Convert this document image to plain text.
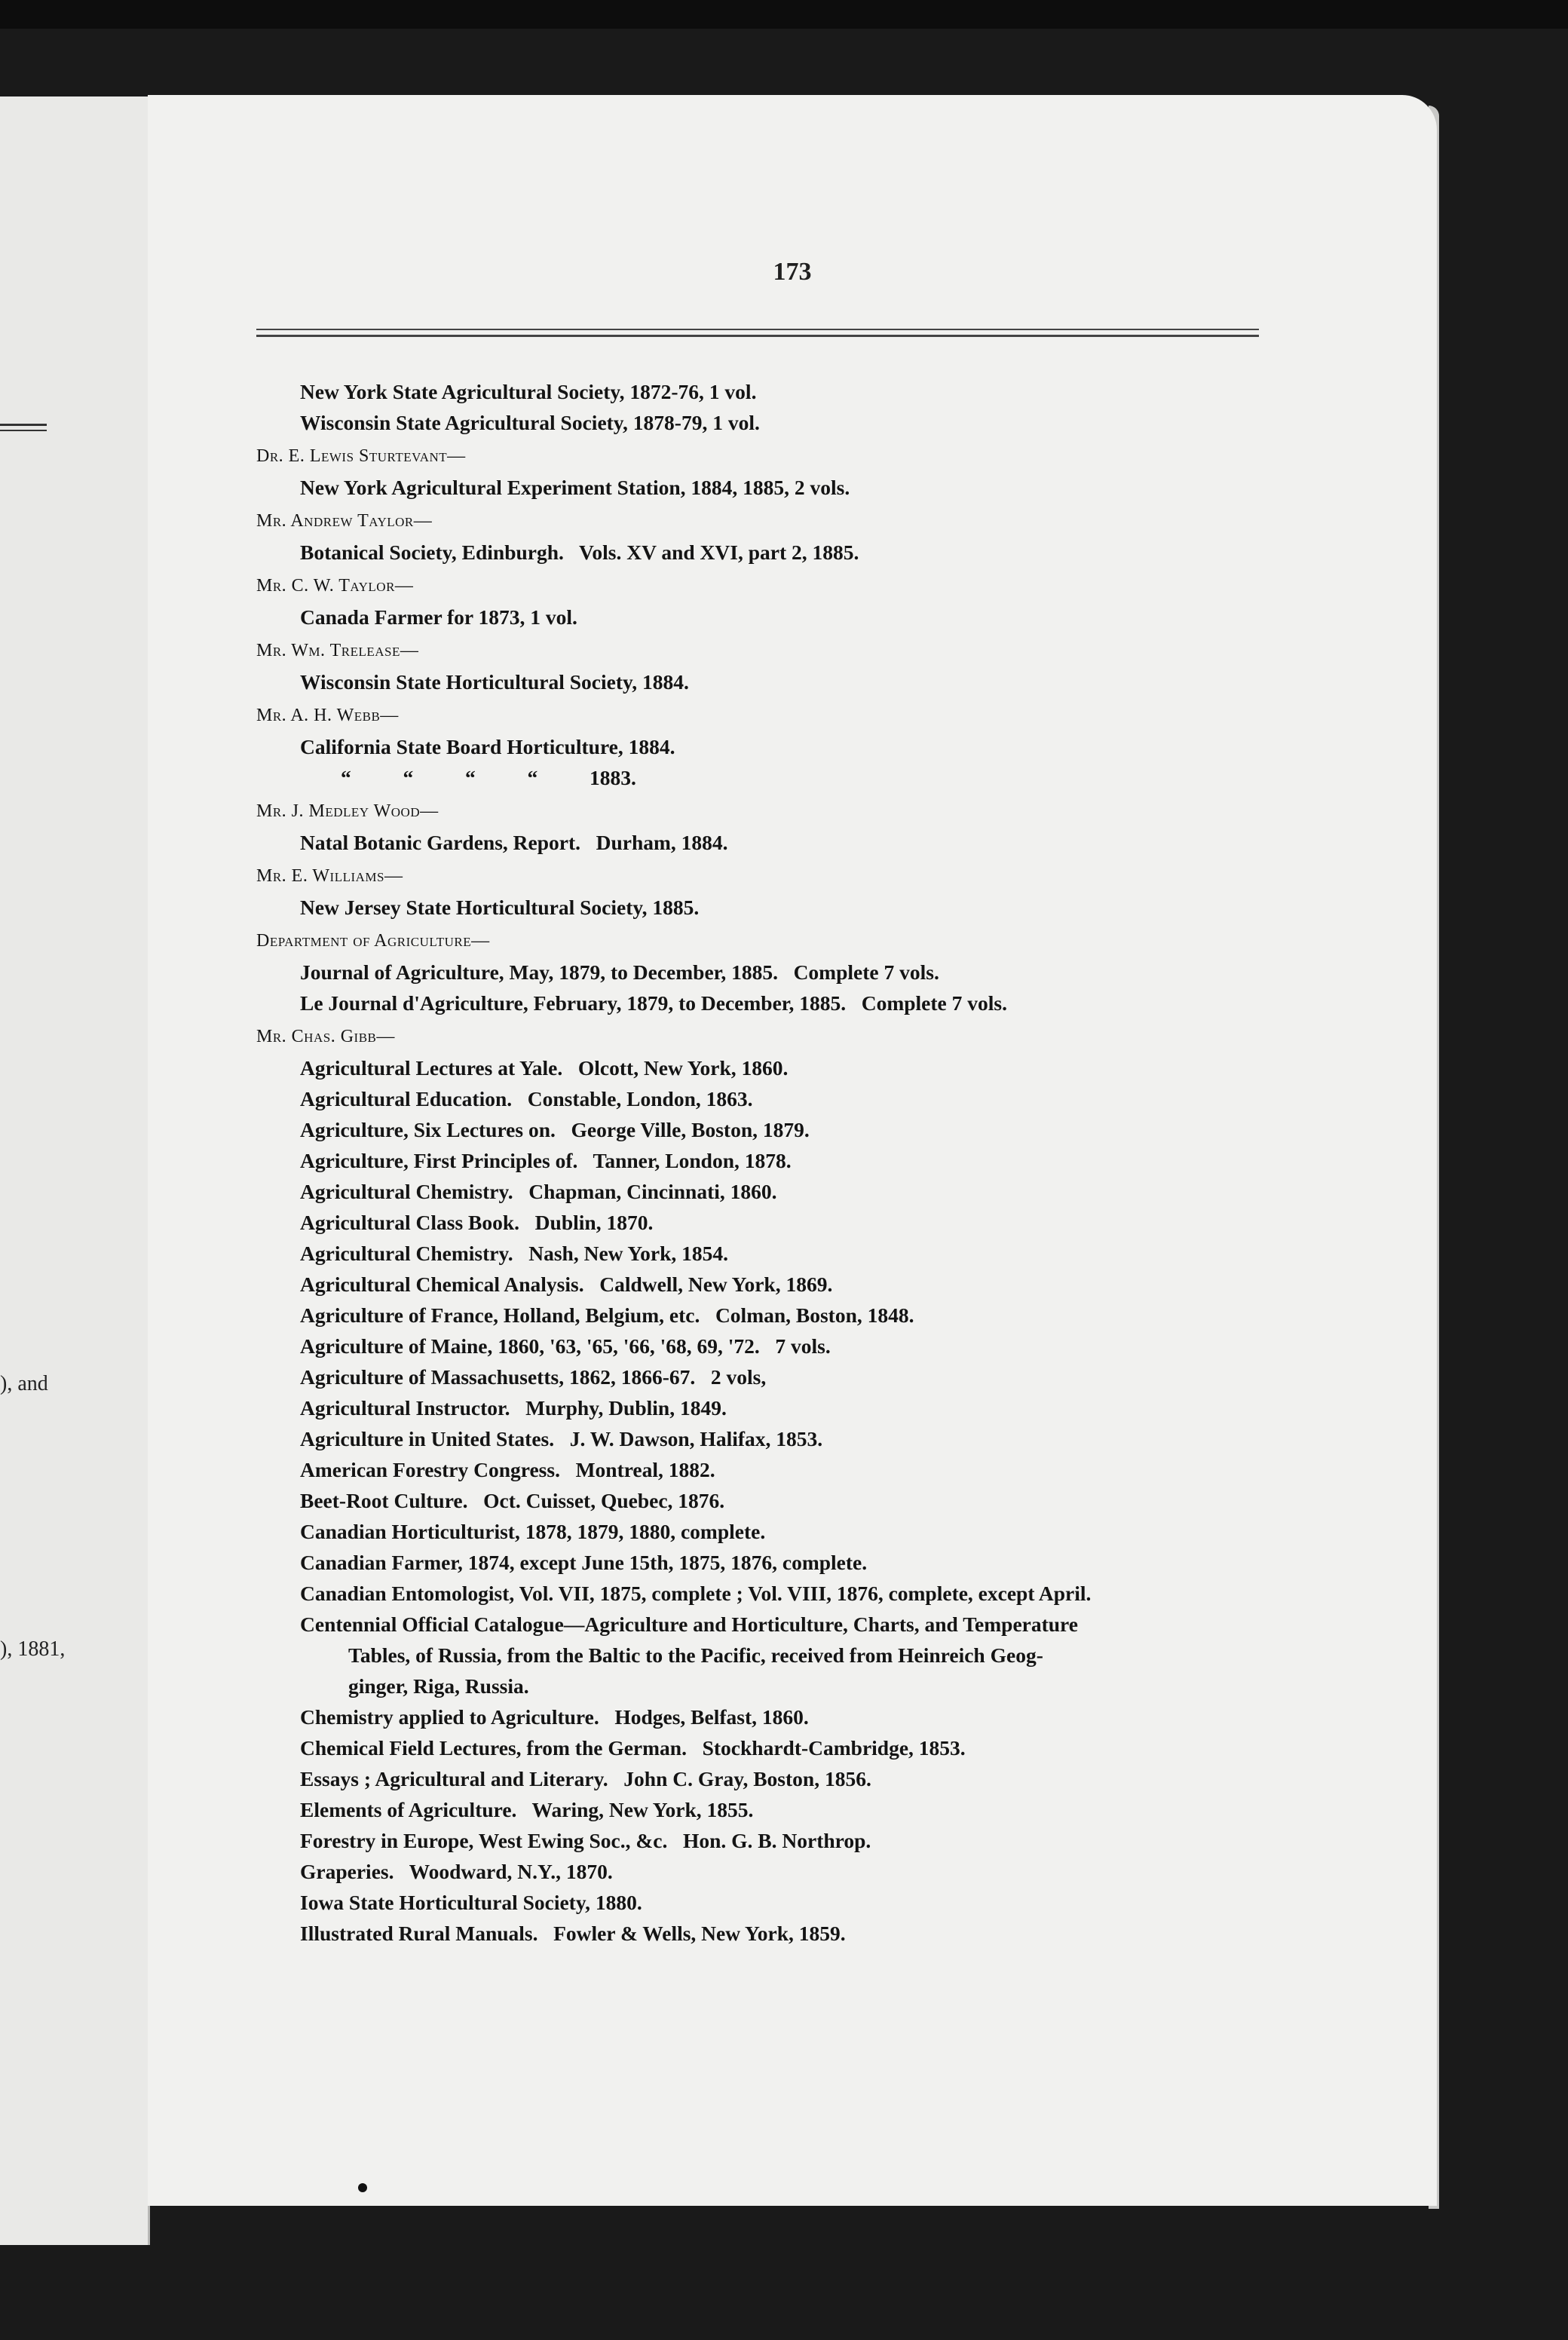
), and
), 1881,
173
New York State Agricultural Society, 1872-76, 1 vol.
Wisconsin State Agricultural Society, 1878-79, 1 vol.
Dr. E. Lewis Sturtevant—
New York Agricultural Experiment Station, 1884, 1885, 2 vols.
Mr. Andrew Taylor—
Botanical Society, Edinburgh.   Vols. XV and XVI, part 2, 1885.
Mr. C. W. Taylor—
Canada Farmer for 1873, 1 vol.
Mr. Wm. Trelease—
Wisconsin State Horticultural Society, 1884.
Mr. A. H. Webb—
California State Board Horticulture, 1884.
“          “          “          “          1883.
Mr. J. Medley Wood—
Natal Botanic Gardens, Report.   Durham, 1884.
Mr. E. Williams—
New Jersey State Horticultural Society, 1885.
Department of Agriculture—
Journal of Agriculture, May, 1879, to December, 1885.   Complete 7 vols.
Le Journal d'Agriculture, February, 1879, to December, 1885.   Complete 7 vols.
Mr. Chas. Gibb—
Agricultural Lectures at Yale.   Olcott, New York, 1860.
Agricultural Education.   Constable, London, 1863.
Agriculture, Six Lectures on.   George Ville, Boston, 1879.
Agriculture, First Principles of.   Tanner, London, 1878.
Agricultural Chemistry.   Chapman, Cincinnati, 1860.
Agricultural Class Book.   Dublin, 1870.
Agricultural Chemistry.   Nash, New York, 1854.
Agricultural Chemical Analysis.   Caldwell, New York, 1869.
Agriculture of France, Holland, Belgium, etc.   Colman, Boston, 1848.
Agriculture of Maine, 1860, '63, '65, '66, '68, 69, '72.   7 vols.
Agriculture of Massachusetts, 1862, 1866-67.   2 vols,
Agricultural Instructor.   Murphy, Dublin, 1849.
Agriculture in United States.   J. W. Dawson, Halifax, 1853.
American Forestry Congress.   Montreal, 1882.
Beet-Root Culture.   Oct. Cuisset, Quebec, 1876.
Canadian Horticulturist, 1878, 1879, 1880, complete.
Canadian Farmer, 1874, except June 15th, 1875, 1876, complete.
Canadian Entomologist, Vol. VII, 1875, complete ; Vol. VIII, 1876, complete, except April.
Centennial Official Catalogue—Agriculture and Horticulture, Charts, and Temperature
Tables, of Russia, from the Baltic to the Pacific, received from Heinreich Geog-
ginger, Riga, Russia.
Chemistry applied to Agriculture.   Hodges, Belfast, 1860.
Chemical Field Lectures, from the German.   Stockhardt-Cambridge, 1853.
Essays ; Agricultural and Literary.   John C. Gray, Boston, 1856.
Elements of Agriculture.   Waring, New York, 1855.
Forestry in Europe, West Ewing Soc., &c.   Hon. G. B. Northrop.
Graperies.   Woodward, N.Y., 1870.
Iowa State Horticultural Society, 1880.
Illustrated Rural Manuals.   Fowler & Wells, New York, 1859.
